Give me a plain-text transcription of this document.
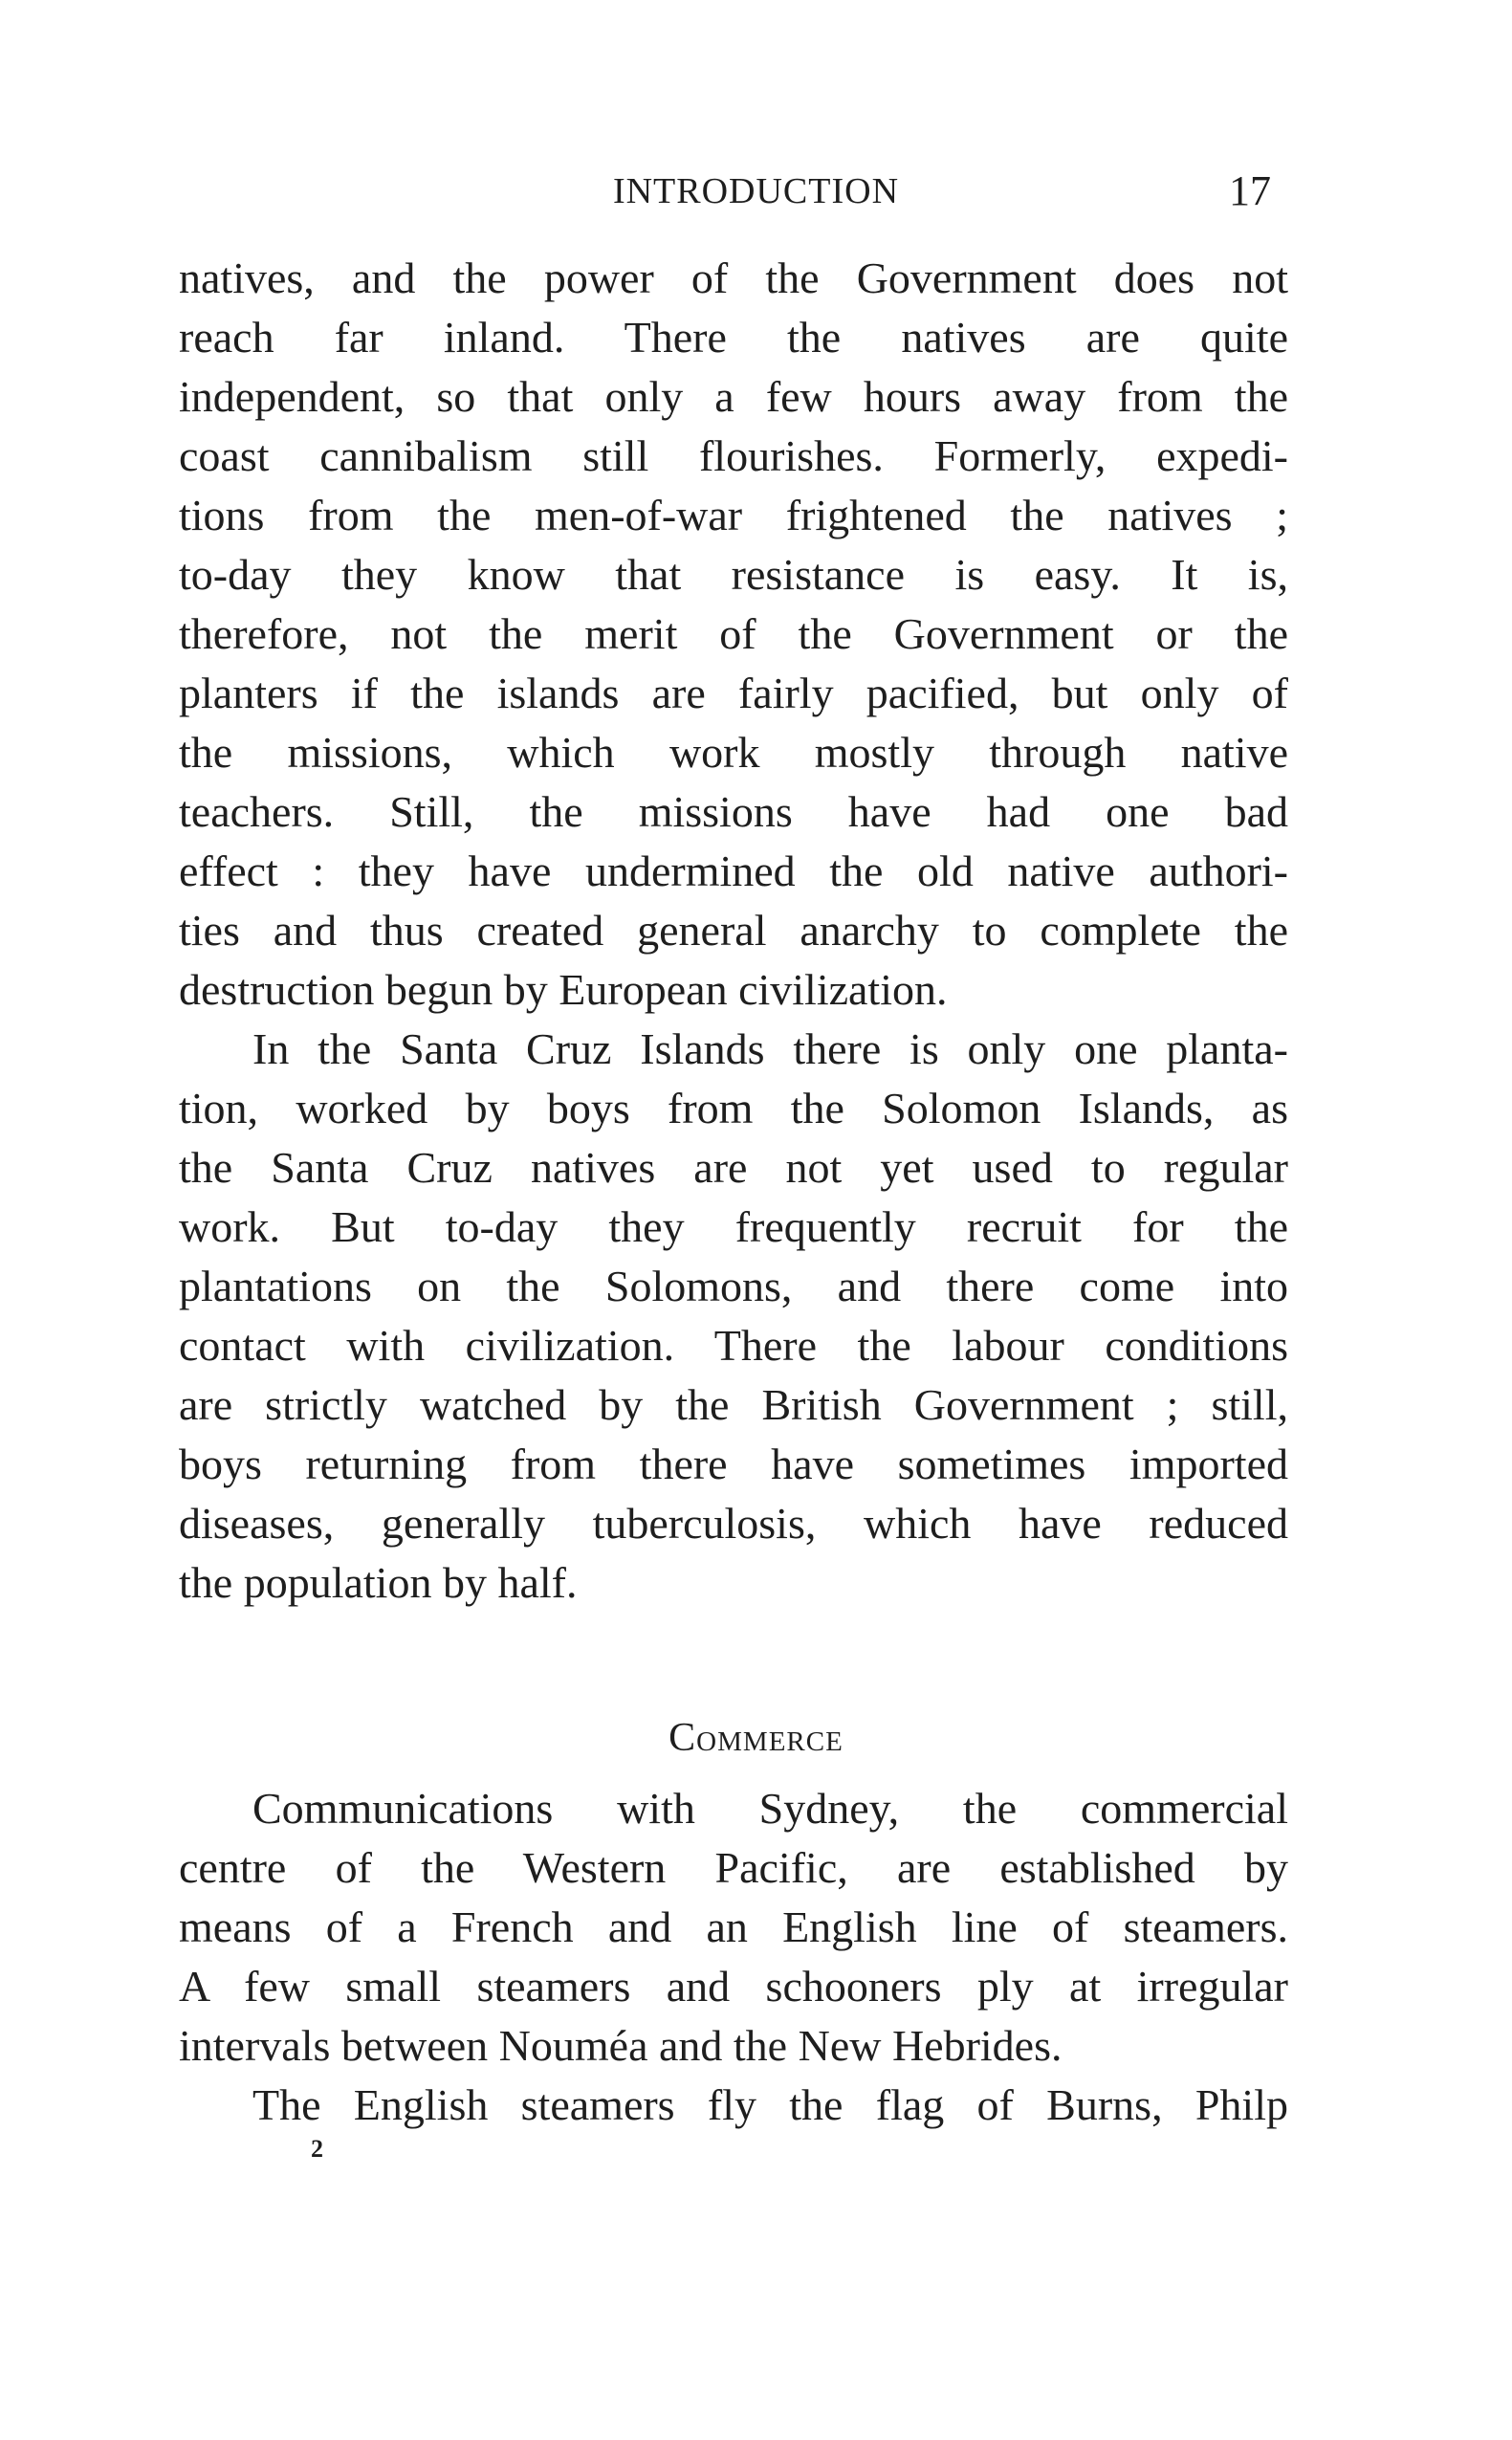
INTRODUCTION	17
natives, and the power of the Government does not
reach far inland. There the natives are quite
independent, so that only a few hours away from the
coast cannibalism still flourishes. Formerly, expedi-
tions from the men-of-war frightened the natives ;
to-day they know that resistance is easy. It is,
therefore, not the merit of the Government or the
planters if the islands are fairly pacified, but only of
the missions, which work mostly through native
teachers. Still, the missions have had one bad
effect : they have undermined the old native authori-
ties and thus created general anarchy to complete the
destruction begun by European civilization.
In the Santa Cruz Islands there is only one planta-
tion, worked by boys from the Solomon Islands, as
the Santa Cruz natives are not yet used to regular
work. But to-day they frequently recruit for the
plantations on the Solomons, and there come into
contact with civilization. There the labour conditions
are strictly watched by the British Government ; still,
boys returning from there have sometimes imported
diseases, generally tuberculosis, which have reduced
the population by half.
Commerce
Communications with Sydney, the commercial
centre of the Western Pacific, are established by
means of a French and an English line of steamers.
A few small steamers and schooners ply at irregular
intervals between Nouméa and the New Hebrides.
The English steamers fly the flag of Burns, Philp
2
